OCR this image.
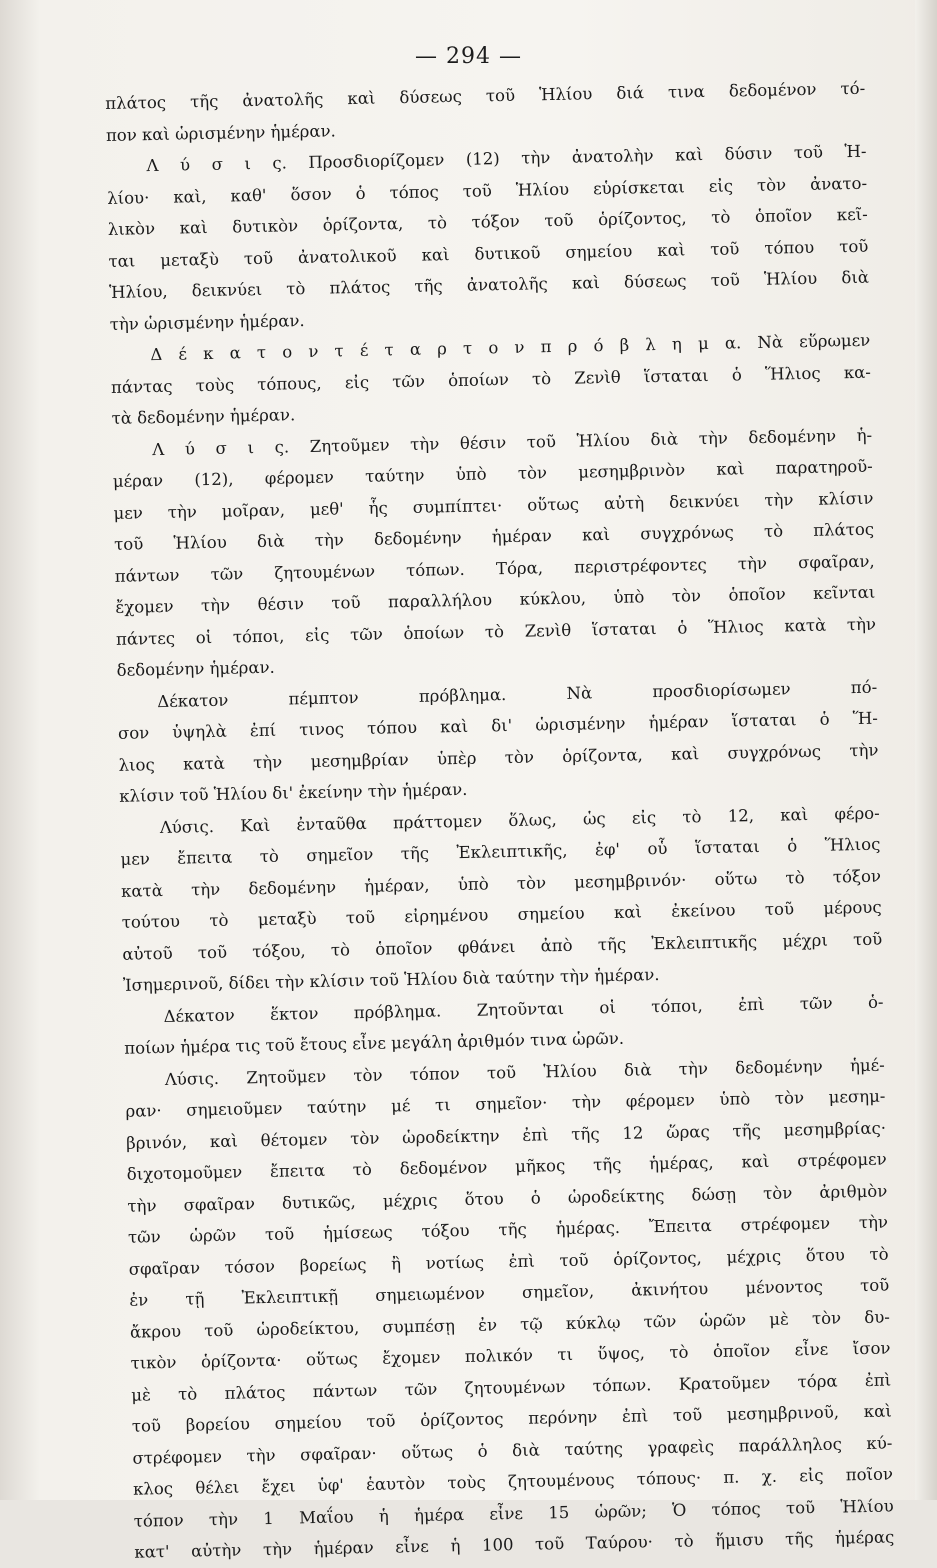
— 294 —
πλάτος τῆς ἀνατολῆς καὶ δύσεως τοῦ Ἡλίου διά τινα δεδομένον τό-
πον καὶ ὡρισμένην ἡμέραν.
Λ ύ σ ι ς. Προσδιορίζομεν (12) τὴν ἀνατολὴν καὶ δύσιν τοῦ Ἡ-
λίου· καὶ, καθ' ὅσον ὁ τόπος τοῦ Ἡλίου εὑρίσκεται εἰς τὸν ἀνατο-
λικὸν καὶ δυτικὸν ὁρίζοντα, τὸ τόξον τοῦ ὁρίζοντος, τὸ ὁποῖον κεῖ-
ται μεταξὺ τοῦ ἀνατολικοῦ καὶ δυτικοῦ σημείου καὶ τοῦ τόπου τοῦ
Ἡλίου, δεικνύει τὸ πλάτος τῆς ἀνατολῆς καὶ δύσεως τοῦ Ἡλίου διὰ
τὴν ὡρισμένην ἡμέραν.
Δ έ κ α τ ο ν τ έ τ α ρ τ ο ν π ρ ό β λ η μ α. Νὰ εὕρωμεν
πάντας τοὺς τόπους, εἰς τῶν ὁποίων τὸ Ζενὶθ ἵσταται ὁ Ἥλιος κα-
τὰ δεδομένην ἡμέραν.
Λ ύ σ ι ς. Ζητοῦμεν τὴν θέσιν τοῦ Ἡλίου διὰ τὴν δεδομένην ἡ-
μέραν (12), φέρομεν ταύτην ὑπὸ τὸν μεσημβρινὸν καὶ παρατηροῦ-
μεν τὴν μοῖραν, μεθ' ἧς συμπίπτει· οὕτως αὐτὴ δεικνύει τὴν κλίσιν
τοῦ Ἡλίου διὰ τὴν δεδομένην ἡμέραν καὶ συγχρόνως τὸ πλάτος
πάντων τῶν ζητουμένων τόπων. Τόρα, περιστρέφοντες τὴν σφαῖραν,
ἔχομεν τὴν θέσιν τοῦ παραλλήλου κύκλου, ὑπὸ τὸν ὁποῖον κεῖνται
πάντες οἱ τόποι, εἰς τῶν ὁποίων τὸ Ζενὶθ ἵσταται ὁ Ἥλιος κατὰ τὴν
δεδομένην ἡμέραν.
Δέκατον πέμπτον πρόβλημα. Νὰ προσδιορίσωμεν πό-
σον ὑψηλὰ ἐπί τινος τόπου καὶ δι' ὡρισμένην ἡμέραν ἵσταται ὁ Ἥ-
λιος κατὰ τὴν μεσημβρίαν ὑπὲρ τὸν ὁρίζοντα, καὶ συγχρόνως τὴν
κλίσιν τοῦ Ἡλίου δι' ἐκείνην τὴν ἡμέραν.
Λύσις. Καὶ ἐνταῦθα πράττομεν ὅλως, ὡς εἰς τὸ 12, καὶ φέρο-
μεν ἔπειτα τὸ σημεῖον τῆς Ἐκλειπτικῆς, ἐφ' οὗ ἵσταται ὁ Ἥλιος
κατὰ τὴν δεδομένην ἡμέραν, ὑπὸ τὸν μεσημβρινόν· οὕτω τὸ τόξον
τούτου τὸ μεταξὺ τοῦ εἰρημένου σημείου καὶ ἐκείνου τοῦ μέρους
αὐτοῦ τοῦ τόξου, τὸ ὁποῖον φθάνει ἀπὸ τῆς Ἐκλειπτικῆς μέχρι τοῦ
Ἰσημερινοῦ, δίδει τὴν κλίσιν τοῦ Ἡλίου διὰ ταύτην τὴν ἡμέραν.
Δέκατον ἕκτον πρόβλημα. Ζητοῦνται οἱ τόποι, ἐπὶ τῶν ὁ-
ποίων ἡμέρα τις τοῦ ἔτους εἶνε μεγάλη ἀριθμόν τινα ὡρῶν.
Λύσις. Ζητοῦμεν τὸν τόπον τοῦ Ἡλίου διὰ τὴν δεδομένην ἡμέ-
ραν· σημειοῦμεν ταύτην μέ τι σημεῖον· τὴν φέρομεν ὑπὸ τὸν μεσημ-
βρινόν, καὶ θέτομεν τὸν ὡροδείκτην ἐπὶ τῆς 12 ὥρας τῆς μεσημβρίας·
διχοτομοῦμεν ἔπειτα τὸ δεδομένον μῆκος τῆς ἡμέρας, καὶ στρέφομεν
τὴν σφαῖραν δυτικῶς, μέχρις ὅτου ὁ ὡροδείκτης δώσῃ τὸν ἀριθμὸν
τῶν ὡρῶν τοῦ ἡμίσεως τόξου τῆς ἡμέρας. Ἔπειτα στρέφομεν τὴν
σφαῖραν τόσον βορείως ἢ νοτίως ἐπὶ τοῦ ὁρίζοντος, μέχρις ὅτου τὸ
ἐν τῇ Ἐκλειπτικῇ σημειωμένον σημεῖον, ἀκινήτου μένοντος τοῦ
ἄκρου τοῦ ὡροδείκτου, συμπέσῃ ἐν τῷ κύκλῳ τῶν ὡρῶν μὲ τὸν δυ-
τικὸν ὁρίζοντα· οὕτως ἔχομεν πολικόν τι ὕψος, τὸ ὁποῖον εἶνε ἴσον
μὲ τὸ πλάτος πάντων τῶν ζητουμένων τόπων. Κρατοῦμεν τόρα ἐπὶ
τοῦ βορείου σημείου τοῦ ὁρίζοντος περόνην ἐπὶ τοῦ μεσημβρινοῦ, καὶ
στρέφομεν τὴν σφαῖραν· οὕτως ὁ διὰ ταύτης γραφεὶς παράλληλος κύ-
κλος θέλει ἔχει ὑφ' ἑαυτὸν τοὺς ζητουμένους τόπους· π. χ. εἰς ποῖον
τόπον τὴν 1 Μαΐου ἡ ἡμέρα εἶνε 15 ὡρῶν; Ὁ τόπος τοῦ Ἡλίου
κατ' αὐτὴν τὴν ἡμέραν εἶνε ἡ 100 τοῦ Ταύρου· τὸ ἥμισυ τῆς ἡμέρας
